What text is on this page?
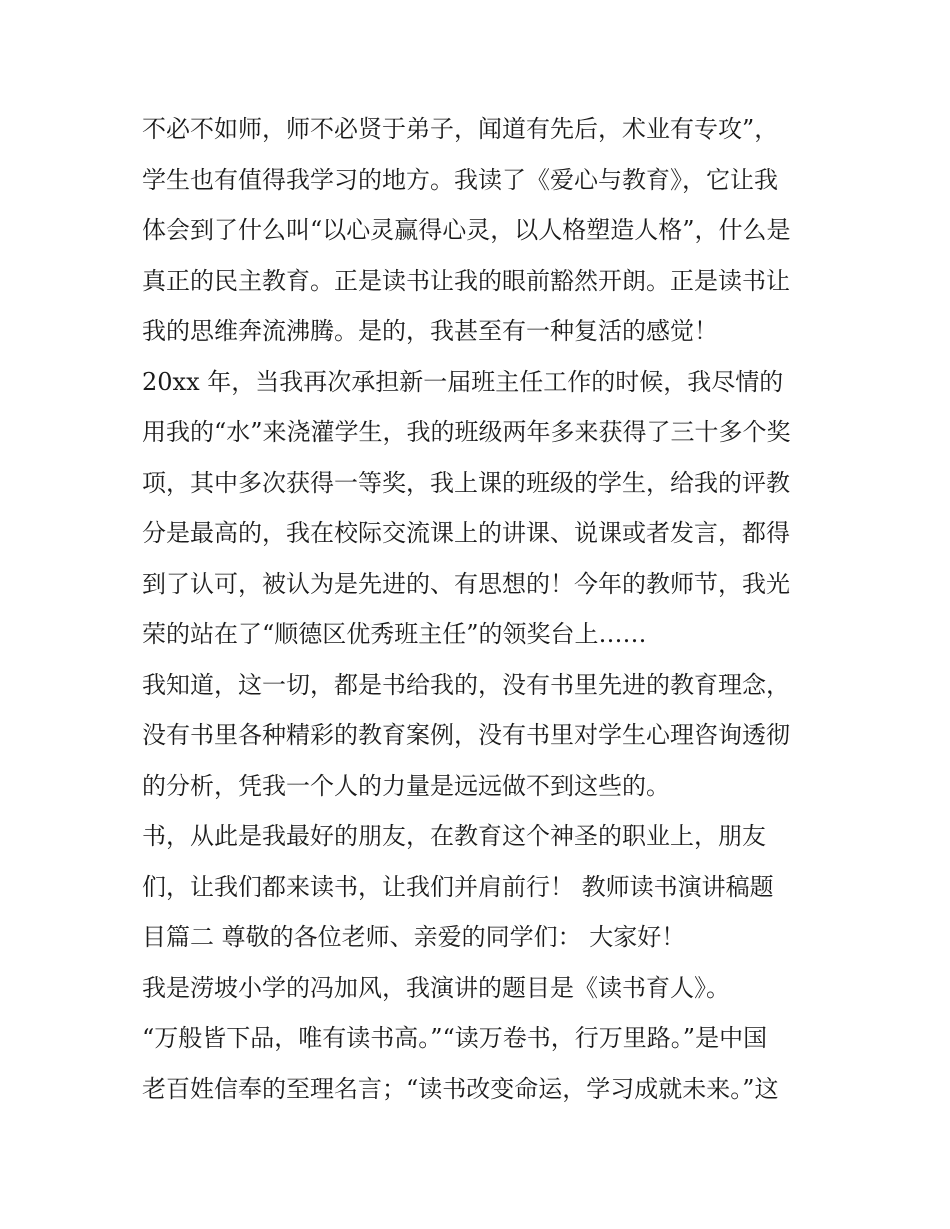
不必不如师，师不必贤于弟子，闻道有先后，术业有专攻”，
学生也有值得我学习的地方。我读了《爱心与教育》，它让我
体会到了什么叫“以心灵赢得心灵，以人格塑造人格”，什么是
真正的民主教育。正是读书让我的眼前豁然开朗。正是读书让
我的思维奔流沸腾。是的，我甚至有一种复活的感觉！
20xx 年，当我再次承担新一届班主任工作的时候，我尽情的
用我的“水”来浇灌学生，我的班级两年多来获得了三十多个奖
项，其中多次获得一等奖，我上课的班级的学生，给我的评教
分是最高的，我在校际交流课上的讲课、说课或者发言，都得
到了认可，被认为是先进的、有思想的！今年的教师节，我光
荣的站在了“顺德区优秀班主任”的领奖台上……
我知道，这一切，都是书给我的，没有书里先进的教育理念，
没有书里各种精彩的教育案例，没有书里对学生心理咨询透彻
的分析，凭我一个人的力量是远远做不到这些的。
书，从此是我最好的朋友，在教育这个神圣的职业上，朋友
们，让我们都来读书，让我们并肩前行！ 教师读书演讲稿题
目篇二 尊敬的各位老师、亲爱的同学们： 大家好！
我是涝坡小学的冯加风，我演讲的题目是《读书育人》。
“万般皆下品，唯有读书高。”“读万卷书，行万里路。”是中国
老百姓信奉的至理名言；“读书改变命运，学习成就未来。”这
